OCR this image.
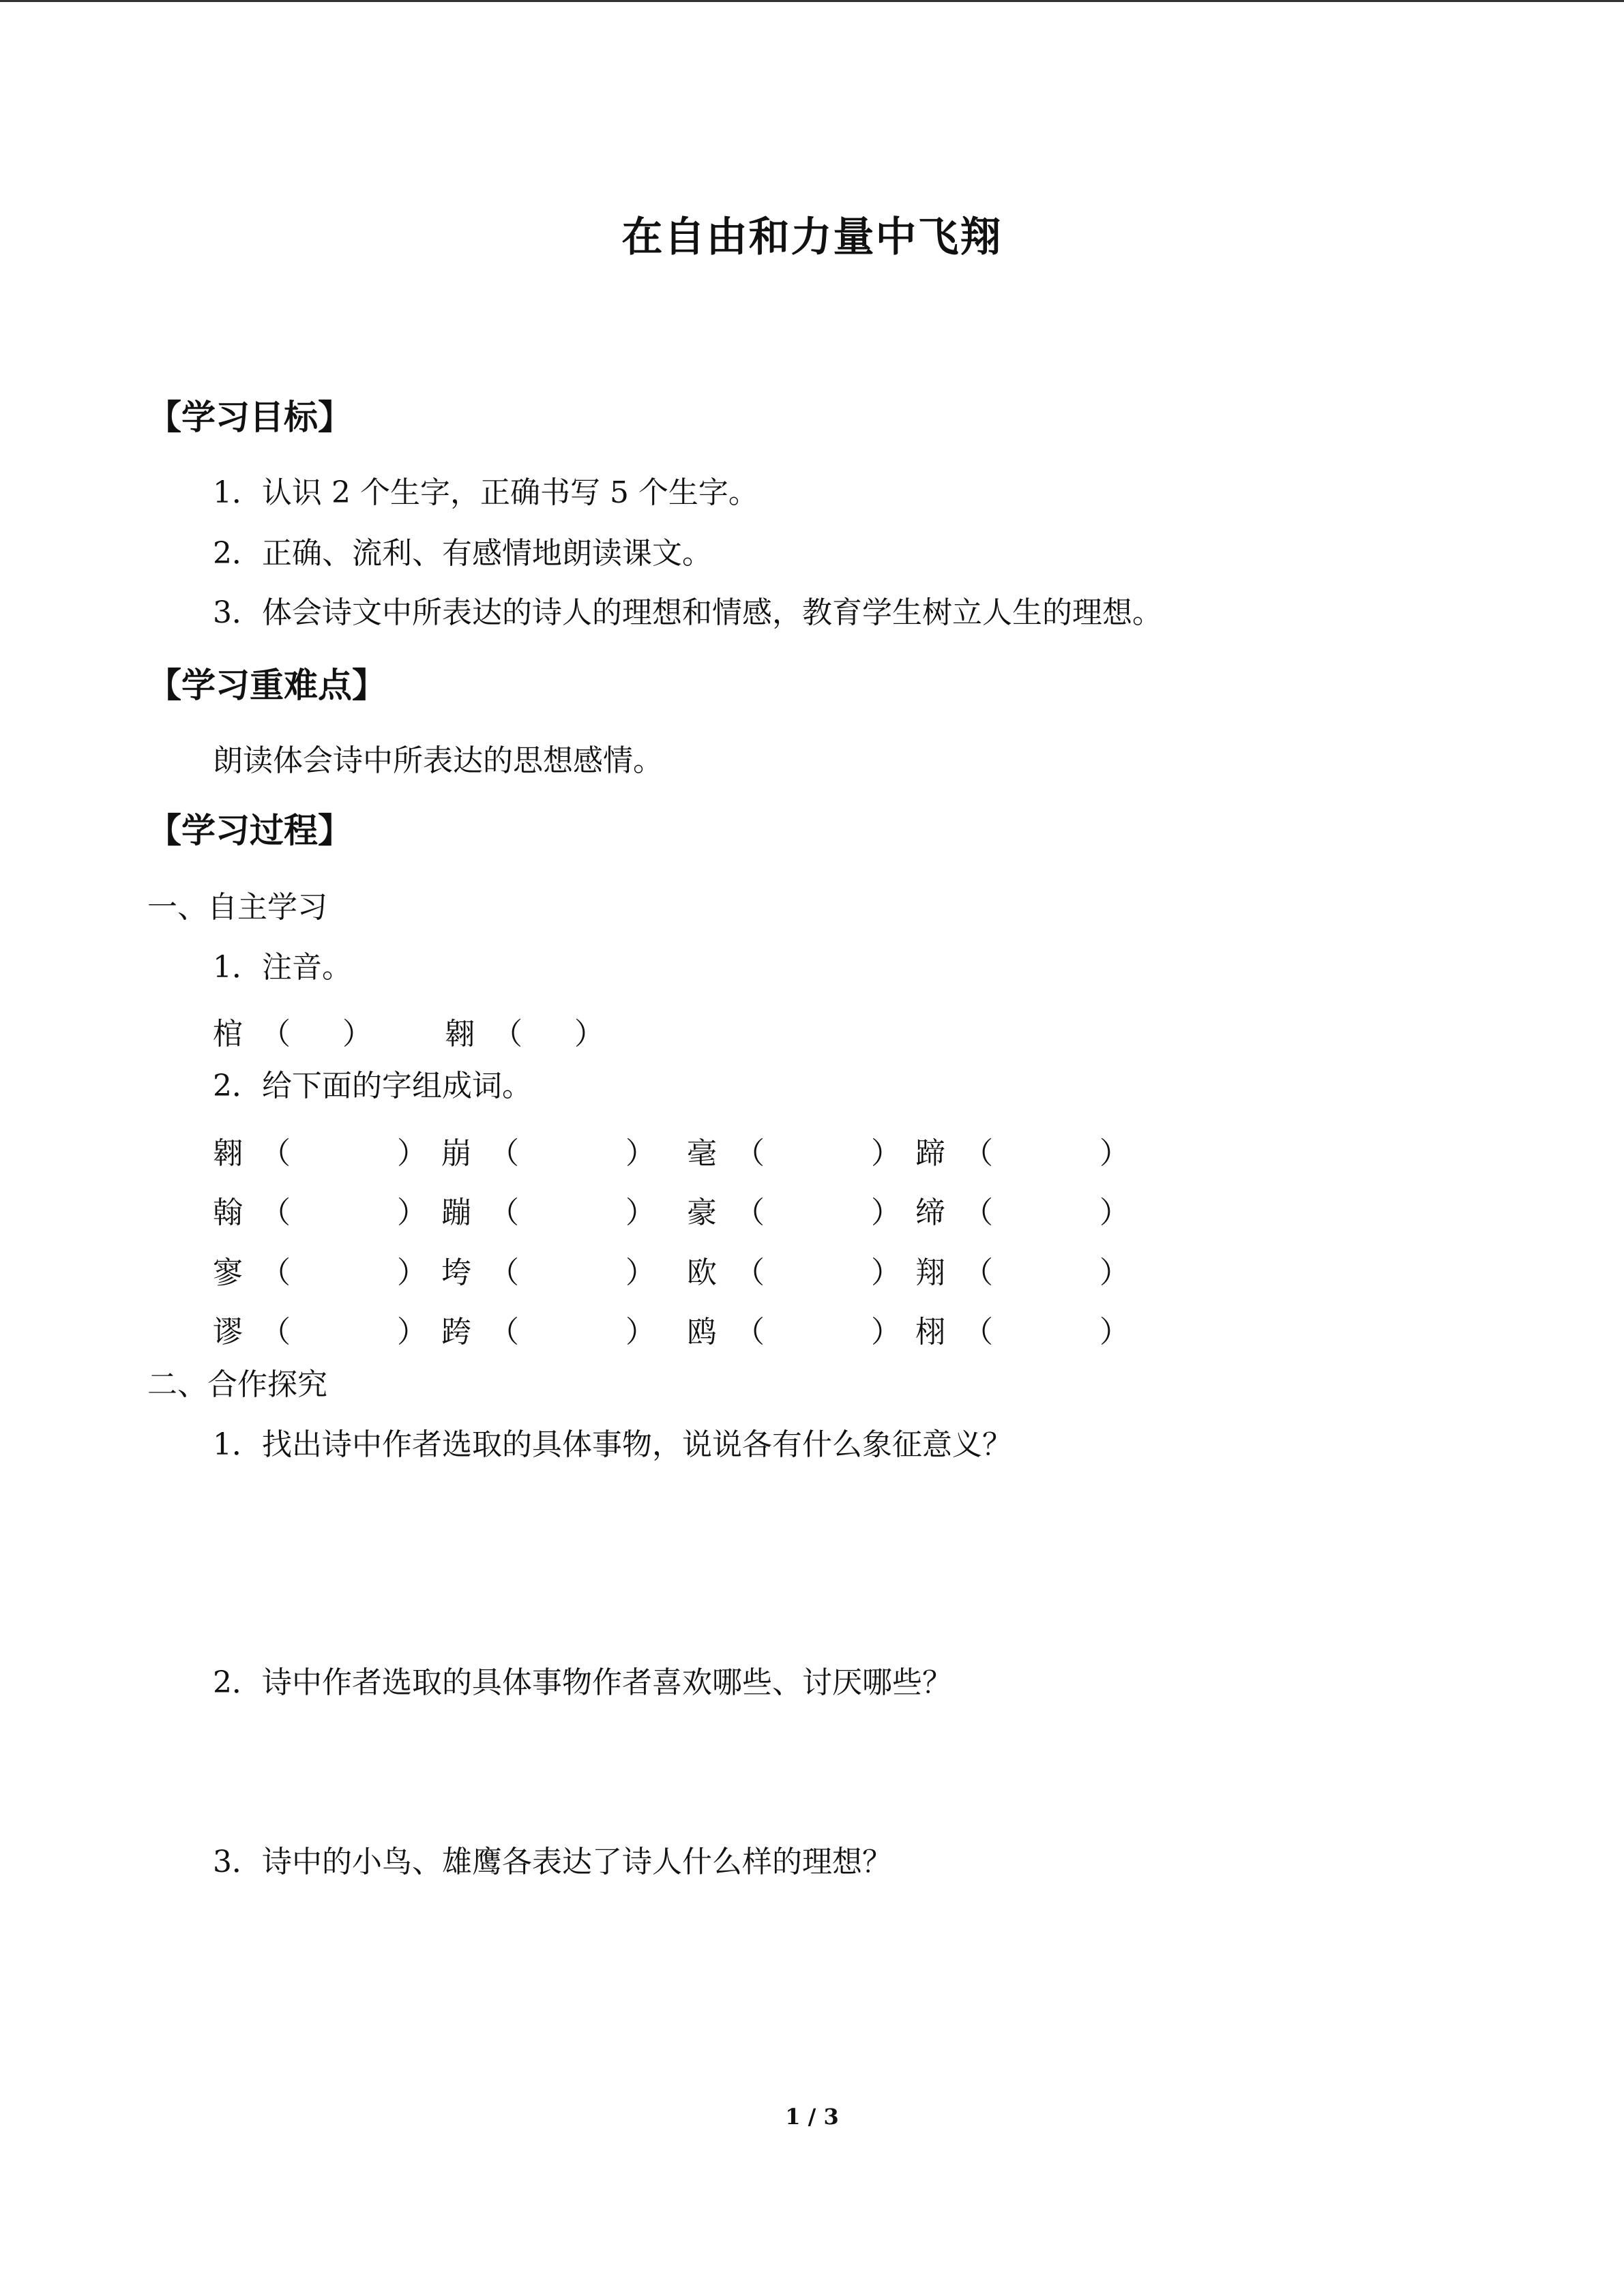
在自由和力量中飞翔
【学习目标】
1．认识 2 个生字，正确书写 5 个生字。
2．正确、流利、有感情地朗读课文。
3．体会诗文中所表达的诗人的理想和情感，教育学生树立人生的理想。
【学习重难点】
朗读体会诗中所表达的思想感情。
【学习过程】
一、自主学习
1．注音。
棺 （ ） 翱 （ ）
2．给下面的字组成词。
翱 （	） 崩 （	） 毫 （	） 蹄 （	）
翰 （	） 蹦 （	） 豪 （	） 缔 （	）
寥 （	） 垮 （	） 欧 （	） 翔 （	）
谬 （	） 跨 （	） 鸥 （	） 栩 （	）
二、合作探究
1．找出诗中作者选取的具体事物，说说各有什么象征意义？
2．诗中作者选取的具体事物作者喜欢哪些、讨厌哪些？
3．诗中的小鸟、雄鹰各表达了诗人什么样的理想？
1 / 3
